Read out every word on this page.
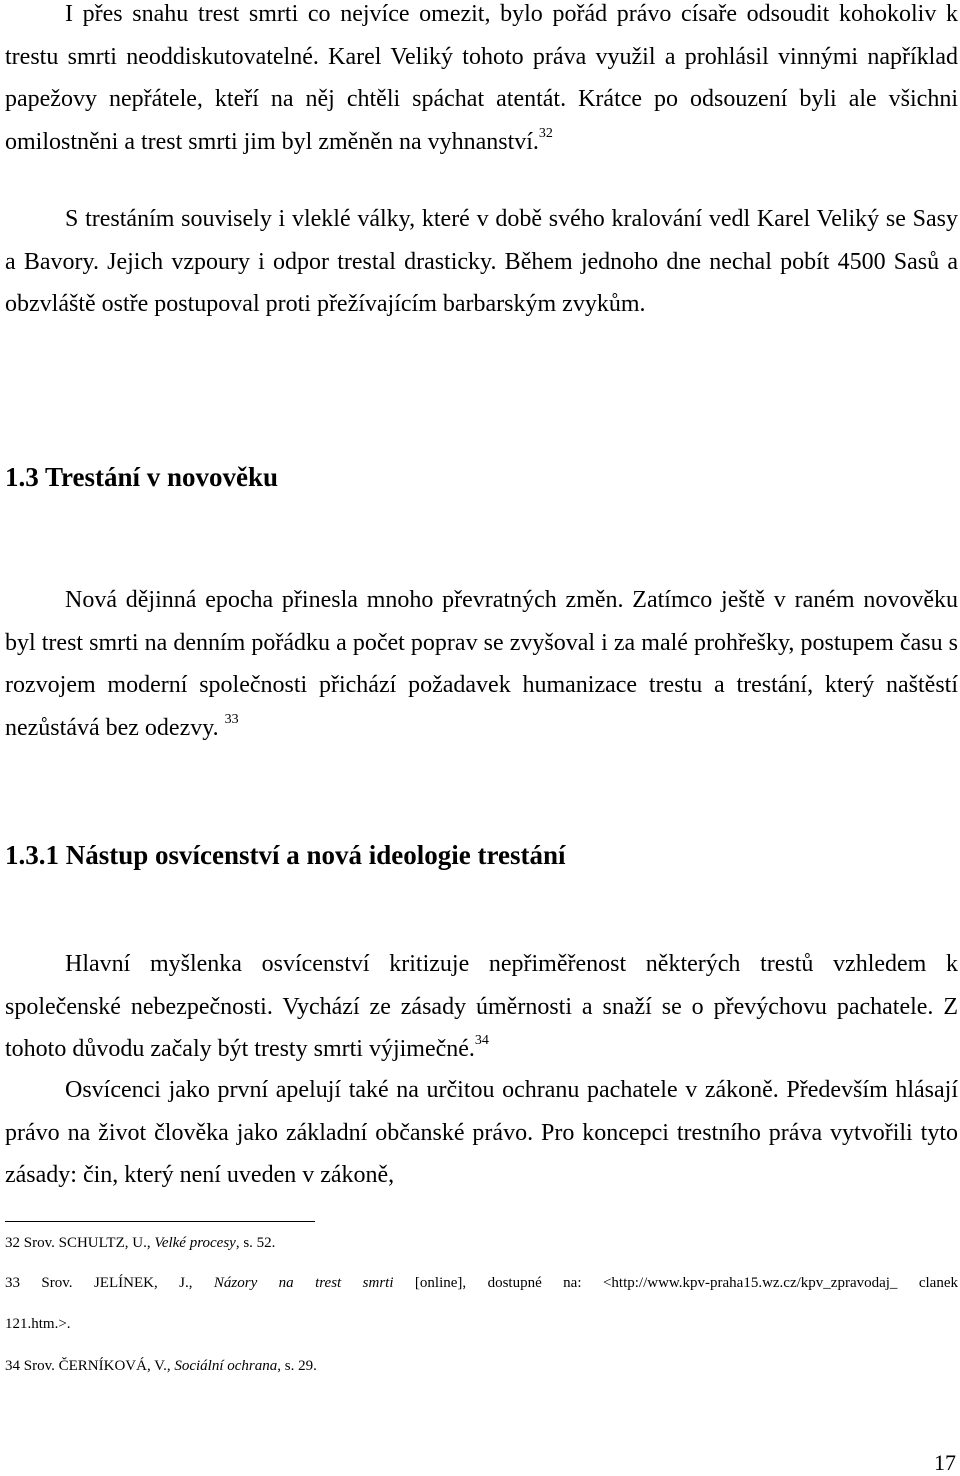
I přes snahu trest smrti co nejvíce omezit, bylo pořád právo císaře odsoudit kohokoliv k trestu smrti neoddiskutovatelné. Karel Veliký tohoto práva využil a prohlásil vinnými například papežovy nepřátele, kteří na něj chtěli spáchat atentát. Krátce po odsouzení byli ale všichni omilostněni a trest smrti jim byl změněn na vyhnanství.$^{32}$

S trestáním souvisely i vleklé války, které v době svého kralování vedl Karel Veliký se Sasy a Bavory. Jejich vzpoury i odpor trestal drasticky. Během jednoho dne nechal pobít 4500 Sasů a obzvláště ostře postupoval proti přežívajícím barbarským zvykům.

1.3 Trestání v novověku

Nová dějinná epocha přinesla mnoho převratných změn. Zatímco ještě v raném novověku byl trest smrti na denním pořádku a počet poprav se zvyšoval i za malé prohřešky, postupem času s rozvojem moderní společnosti přichází požadavek humanizace trestu a trestání, který naštěstí nezůstává bez odezvy. $^{33}$

1.3.1 Nástup osvícenství a nová ideologie trestání

Hlavní myšlenka osvícenství kritizuje nepřiměřenost některých trestů vzhledem k společenské nebezpečnosti. Vychází ze zásady úměrnosti a snaží se o převýchovu pachatele. Z tohoto důvodu začaly být tresty smrti výjimečné.$^{34}$

Osvícenci jako první apelují také na určitou ochranu pachatele v zákoně. Především hlásají právo na život člověka jako základní občanské právo. Pro koncepci trestního práva vytvořili tyto zásady: čin, který není uveden v zákoně,

32 Srov. SCHULTZ, U., Velké procesy, s. 52.

33 Srov. JELÍNEK, J., Názory na trest smrti [online], dostupné na: <http://www.kpv-praha15.wz.cz/kpv_zpravodaj_ clanek

121.htm.>.

34 Srov. ČERNÍKOVÁ, V., Sociální ochrana, s. 29.

17
